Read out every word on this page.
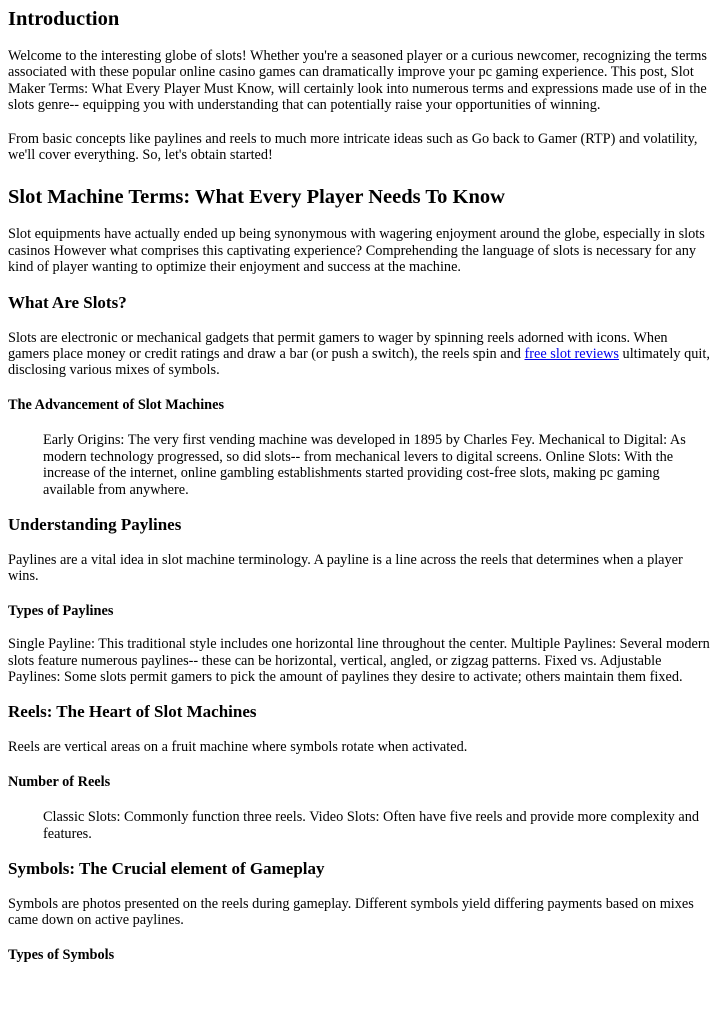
Introduction

Welcome to the interesting globe of slots! Whether you're a seasoned player or a curious newcomer, recognizing the terms associated with these popular online casino games can dramatically improve your pc gaming experience. This post, Slot Maker Terms: What Every Player Must Know, will certainly look into numerous terms and expressions made use of in the slots genre-- equipping you with understanding that can potentially raise your opportunities of winning.

From basic concepts like paylines and reels to much more intricate ideas such as Go back to Gamer (RTP) and volatility, we'll cover everything. So, let's obtain started!

Slot Machine Terms: What Every Player Needs To Know

Slot equipments have actually ended up being synonymous with wagering enjoyment around the globe, especially in slots casinos However what comprises this captivating experience? Comprehending the language of slots is necessary for any kind of player wanting to optimize their enjoyment and success at the machine.

What Are Slots?

Slots are electronic or mechanical gadgets that permit gamers to wager by spinning reels adorned with icons. When gamers place money or credit ratings and draw a bar (or push a switch), the reels spin and free slot reviews ultimately quit, disclosing various mixes of symbols.

The Advancement of Slot Machines
Early Origins: The very first vending machine was developed in 1895 by Charles Fey. Mechanical to Digital: As modern technology progressed, so did slots-- from mechanical levers to digital screens. Online Slots: With the increase of the internet, online gambling establishments started providing cost-free slots, making pc gaming available from anywhere.
Understanding Paylines

Paylines are a vital idea in slot machine terminology. A payline is a line across the reels that determines when a player wins.

Types of Paylines

Single Payline: This traditional style includes one horizontal line throughout the center. Multiple Paylines: Several modern slots feature numerous paylines-- these can be horizontal, vertical, angled, or zigzag patterns. Fixed vs. Adjustable Paylines: Some slots permit gamers to pick the amount of paylines they desire to activate; others maintain them fixed.

Reels: The Heart of Slot Machines

Reels are vertical areas on a fruit machine where symbols rotate when activated.

Number of Reels
Classic Slots: Commonly function three reels. Video Slots: Often have five reels and provide more complexity and features.
Symbols: The Crucial element of Gameplay

Symbols are photos presented on the reels during gameplay. Different symbols yield differing payments based on mixes came down on active paylines.

Types of Symbols
